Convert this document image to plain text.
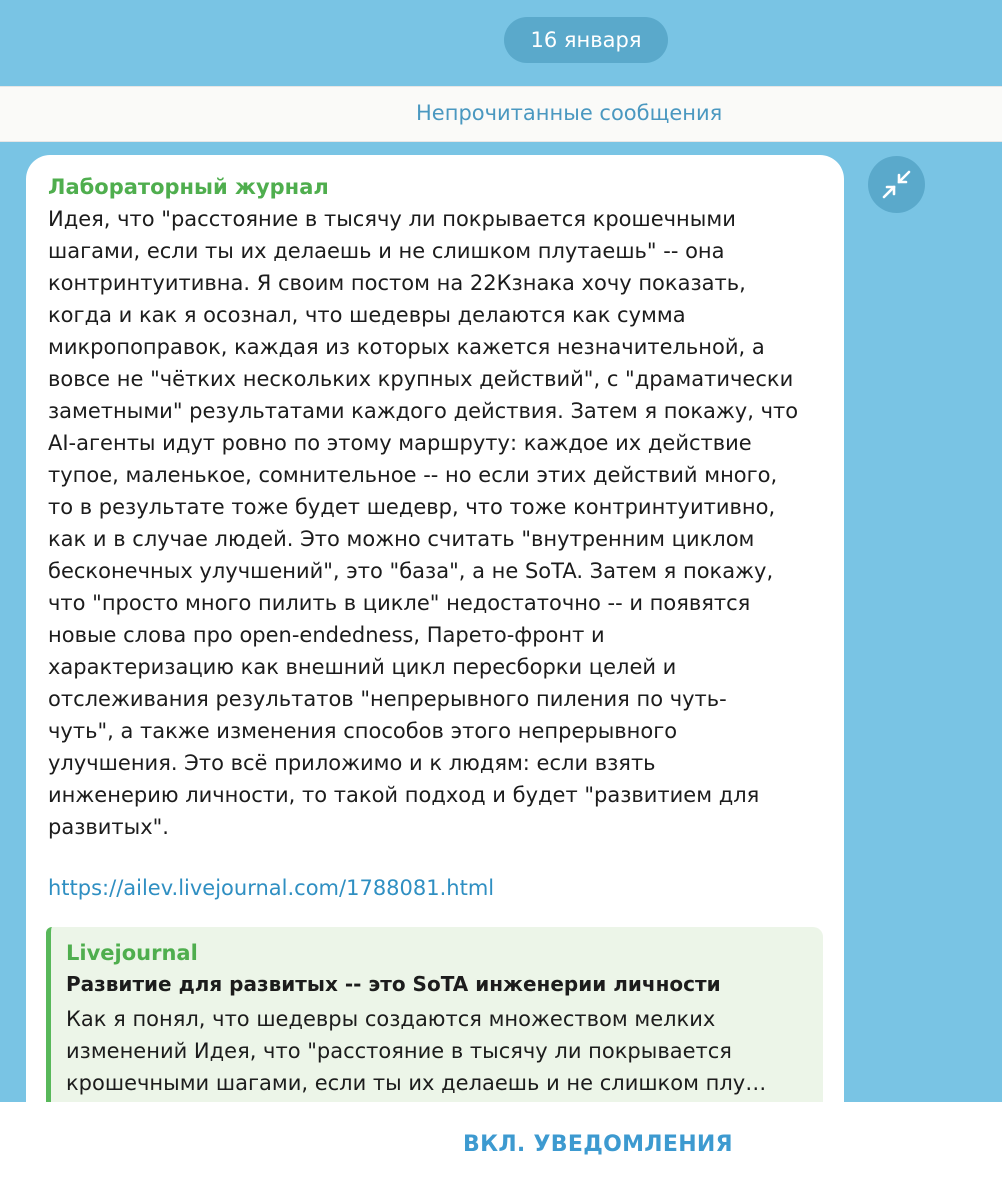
16 января
Непрочитанные сообщения
Лабораторный журнал
Идея, что "расстояние в тысячу ли покрывается крошечными
шагами, если ты их делаешь и не слишком плутаешь" -- она
контринтуитивна. Я своим постом на 22Кзнака хочу показать,
когда и как я осознал, что шедевры делаются как сумма
микропоправок, каждая из которых кажется незначительной, а
вовсе не "чётких нескольких крупных действий", с "драматически
заметными" результатами каждого действия. Затем я покажу, что
AI-агенты идут ровно по этому маршруту: каждое их действие
тупое, маленькое, сомнительное -- но если этих действий много,
то в результате тоже будет шедевр, что тоже контринтуитивно,
как и в случае людей. Это можно считать "внутренним циклом
бесконечных улучшений", это "база", а не SoTA. Затем я покажу,
что "просто много пилить в цикле" недостаточно -- и появятся
новые слова про open-endedness, Парето-фронт и
характеризацию как внешний цикл пересборки целей и
отслеживания результатов "непрерывного пиления по чуть-
чуть", а также изменения способов этого непрерывного
улучшения. Это всё приложимо и к людям: если взять
инженерию личности, то такой подход и будет "развитием для
развитых".
https://ailev.livejournal.com/1788081.html
Livejournal
Развитие для развитых -- это SoTA инженерии личности
Как я понял, что шедевры создаются множеством мелких
изменений Идея, что "расстояние в тысячу ли покрывается
крошечными шагами, если ты их делаешь и не слишком плу…
ВКЛ. УВЕДОМЛЕНИЯ
